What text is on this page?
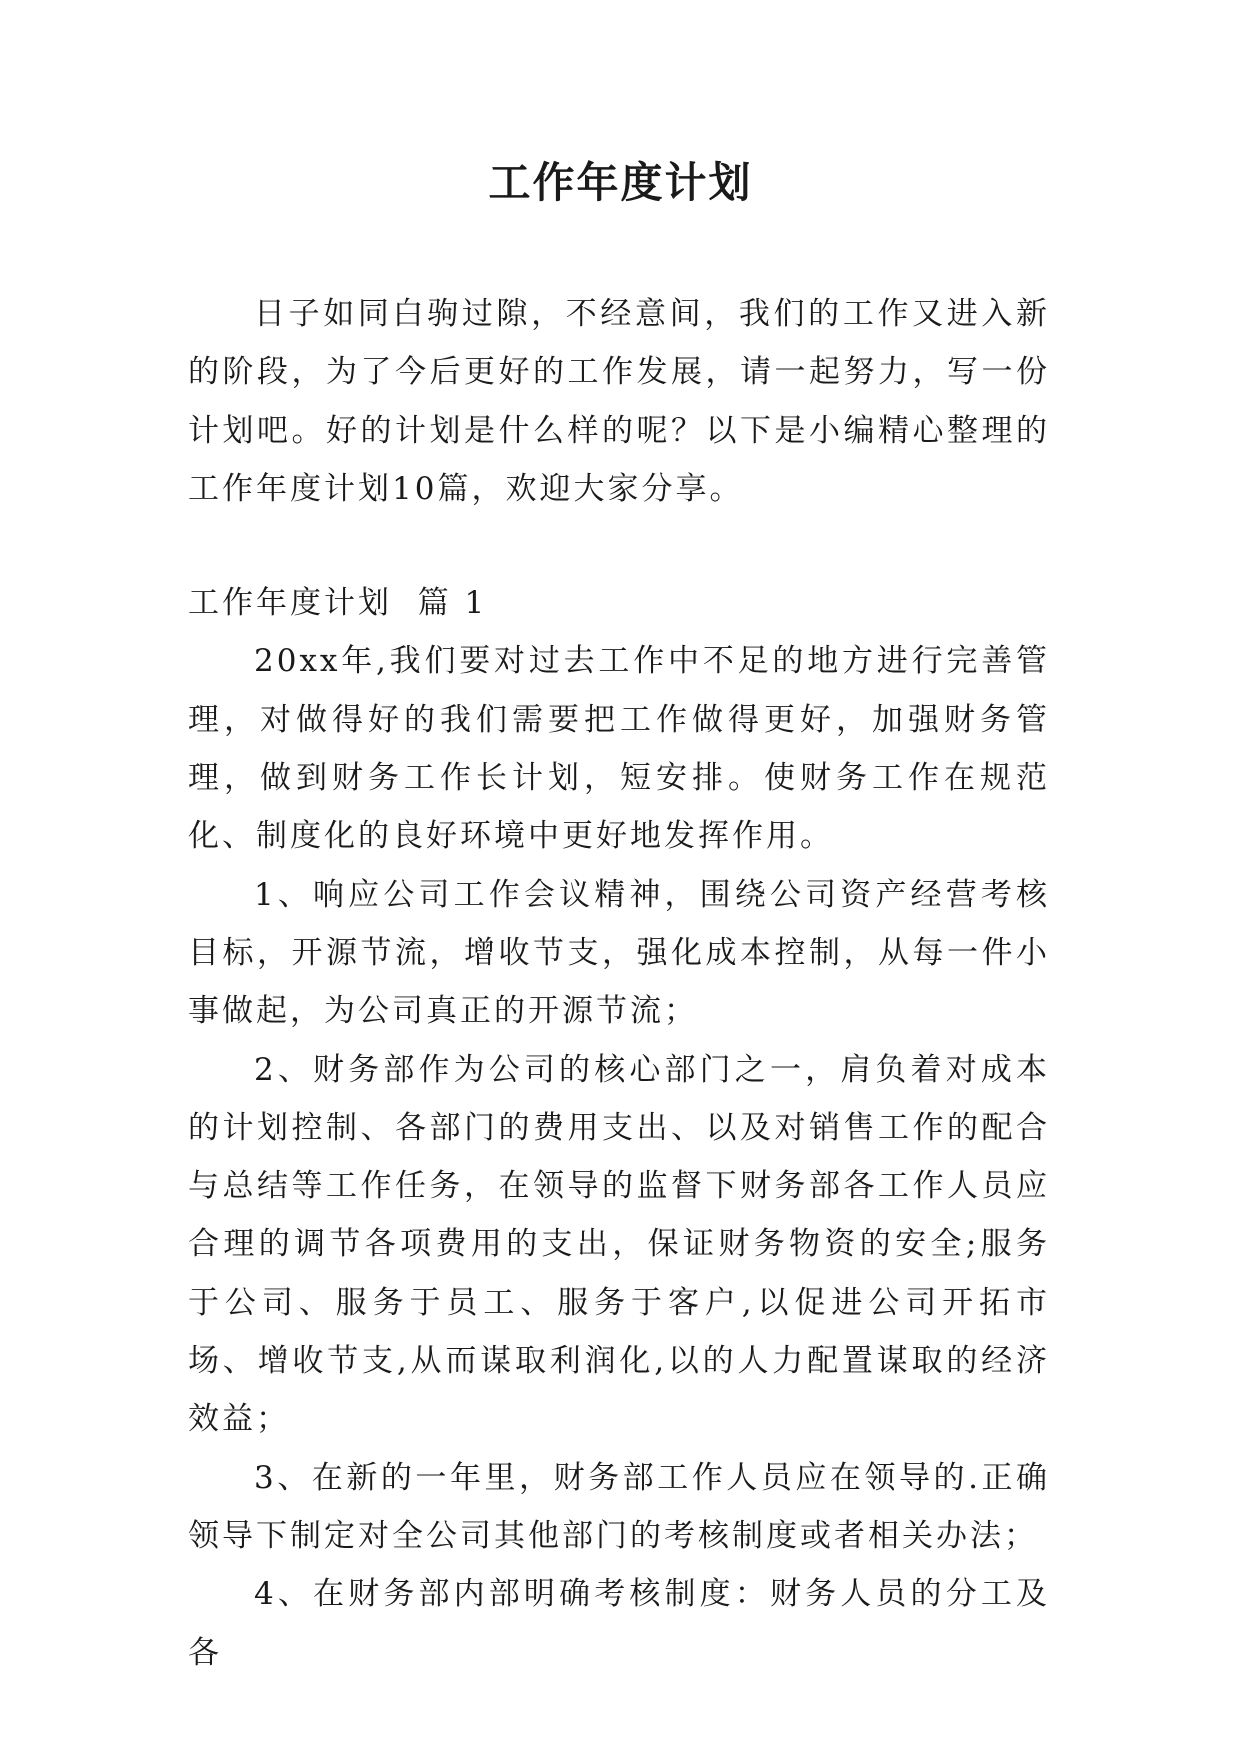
工作年度计划

日子如同白驹过隙，不经意间，我们的工作又进入新的阶段，为了今后更好的工作发展，请一起努力，写一份计划吧。好的计划是什么样的呢？以下是小编精心整理的工作年度计划10篇，欢迎大家分享。

工作年度计划  篇 1

20xx年,我们要对过去工作中不足的地方进行完善管理，对做得好的我们需要把工作做得更好，加强财务管理，做到财务工作长计划，短安排。使财务工作在规范化、制度化的良好环境中更好地发挥作用。

1、响应公司工作会议精神，围绕公司资产经营考核目标，开源节流，增收节支，强化成本控制，从每一件小事做起，为公司真正的开源节流；

2、财务部作为公司的核心部门之一，肩负着对成本的计划控制、各部门的费用支出、以及对销售工作的配合与总结等工作任务，在领导的监督下财务部各工作人员应合理的调节各项费用的支出，保证财务物资的安全;服务于公司、服务于员工、服务于客户,以促进公司开拓市场、增收节支,从而谋取利润化,以的人力配置谋取的经济效益；

3、在新的一年里，财务部工作人员应在领导的.正确领导下制定对全公司其他部门的考核制度或者相关办法；

4、在财务部内部明确考核制度：财务人员的分工及各
